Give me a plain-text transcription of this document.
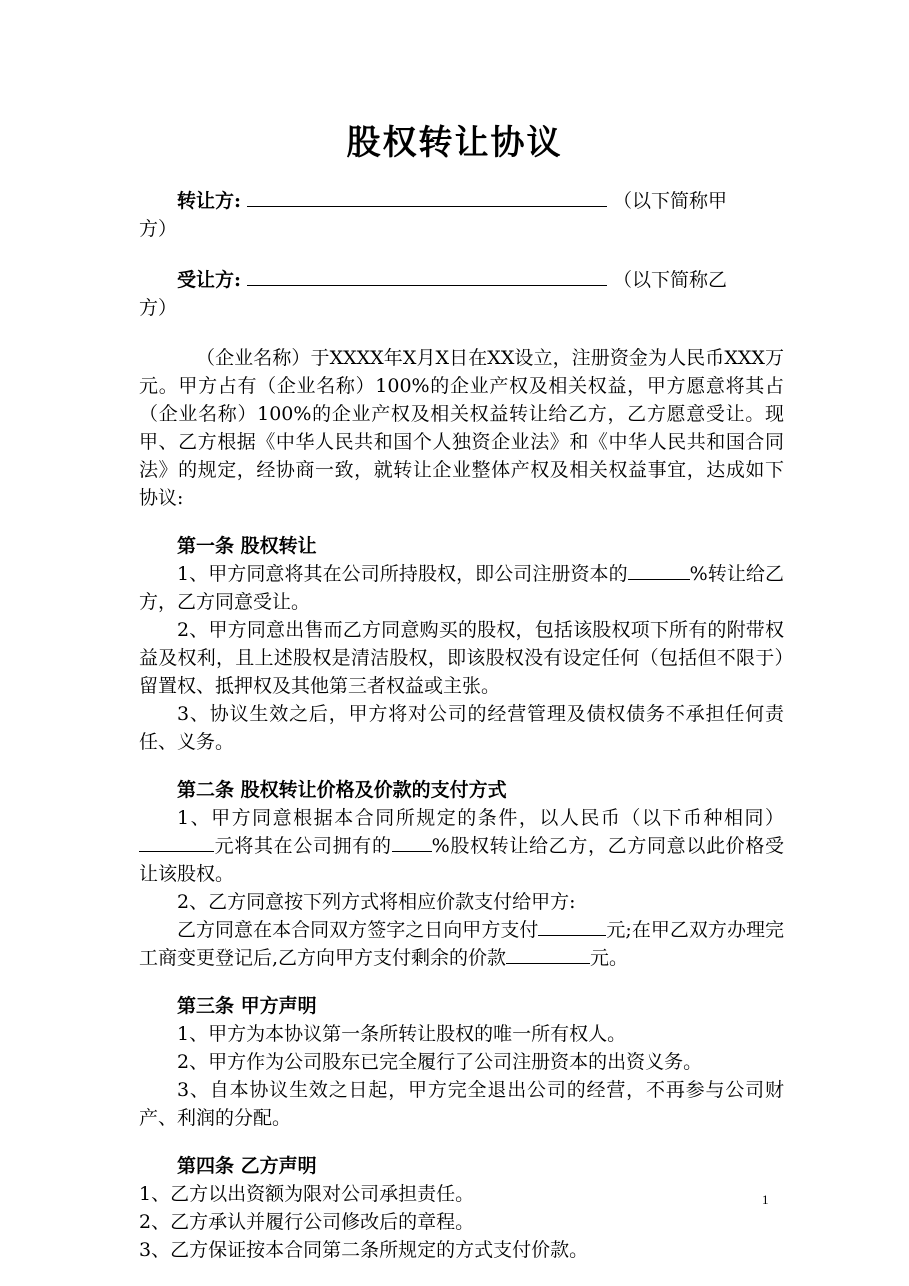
股权转让协议

转让方:	（以下简称甲

方）

受让方:	（以下简称乙

方）

（企业名称）于XXXX年X月X日在XX设立，注册资金为人民币XXX万元。甲方占有（企业名称）100%的企业产权及相关权益，甲方愿意将其占（企业名称）100%的企业产权及相关权益转让给乙方，乙方愿意受让。现甲、乙方根据《中华人民共和国个人独资企业法》和《中华人民共和国合同法》的规定，经协商一致，就转让企业整体产权及相关权益事宜，达成如下协议:

第一条 股权转让

1、甲方同意将其在公司所持股权，即公司注册资本的	%转让给乙方，乙方同意受让。

2、甲方同意出售而乙方同意购买的股权，包括该股权项下所有的附带权益及权利，且上述股权是清洁股权，即该股权没有设定任何（包括但不限于）留置权、抵押权及其他第三者权益或主张。

3、协议生效之后，甲方将对公司的经营管理及债权债务不承担任何责任、义务。

第二条 股权转让价格及价款的支付方式

1、甲方同意根据本合同所规定的条件，以人民币（以下币种相同）元将其在公司拥有的 %股权转让给乙方，乙方同意以此价格受让该股权。

2、乙方同意按下列方式将相应价款支付给甲方:

乙方同意在本合同双方签字之日向甲方支付	元;在甲乙双方办理完工商变更登记后,乙方向甲方支付剩余的价款	元。

第三条 甲方声明

1、甲方为本协议第一条所转让股权的唯一所有权人。

2、甲方作为公司股东已完全履行了公司注册资本的出资义务。

3、自本协议生效之日起，甲方完全退出公司的经营，不再参与公司财产、利润的分配。

第四条 乙方声明

1、乙方以出资额为限对公司承担责任。

2、乙方承认并履行公司修改后的章程。

3、乙方保证按本合同第二条所规定的方式支付价款。

1
